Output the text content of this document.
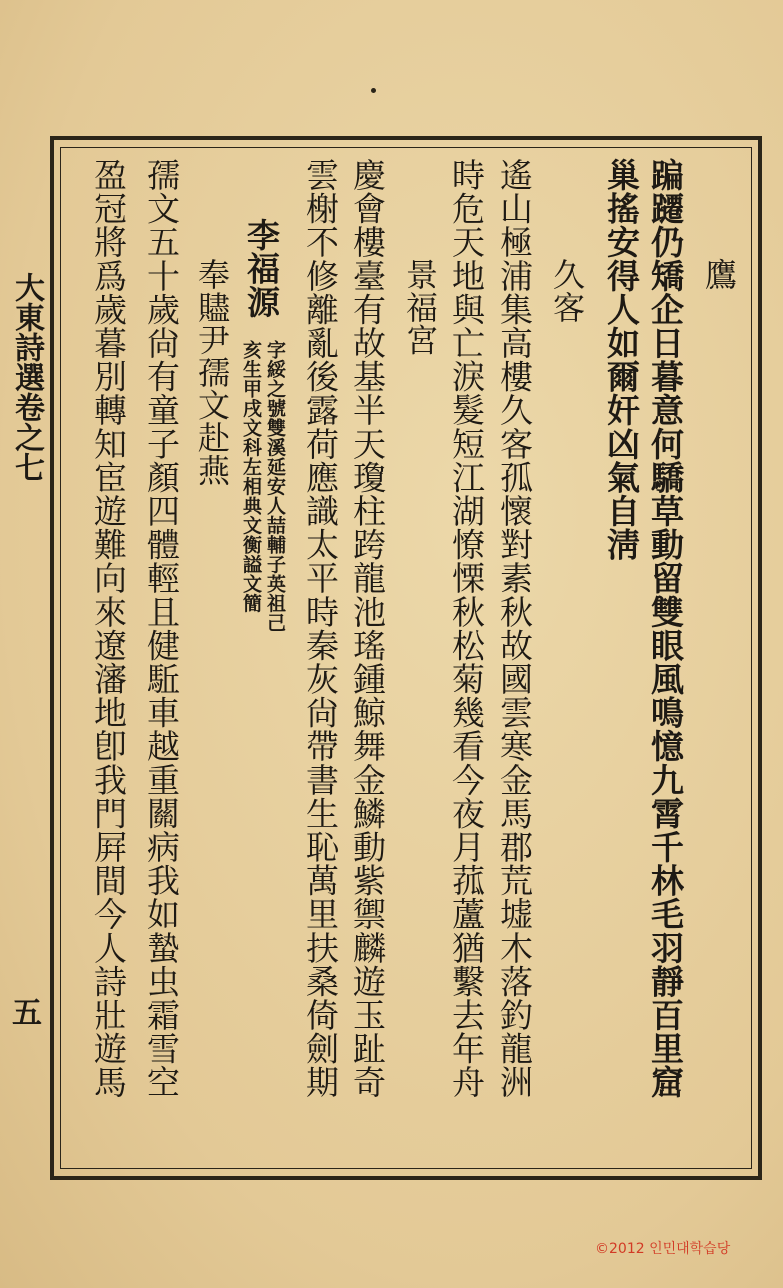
大東詩選卷之七
五
鷹
蹁躚仍矯企日暮意何驕草動留雙眼風鳴憶九霄千林毛羽靜百里窟
巢搖安得人如爾奸凶氣自淸
久客
遙山極浦集高樓久客孤懷對素秋故國雲寒金馬郡荒墟木落釣龍洲
時危天地與亡淚髮短江湖憭慄秋松菊幾看今夜月菰蘆猶繫去年舟
景福宮
慶會樓臺有故基半天瓊柱跨龍池瑤鍾鯨舞金鱗動紫禦麟遊玉趾奇
雲榭不修離亂後露荷應識太平時秦灰尙帶書生恥萬里扶桑倚劍期
李福源
字綏之號雙溪延安人喆輔子英祖己
亥生甲戌文科左相典文衡謚文簡
奉贐尹孺文赴燕
孺文五十歲尙有童子顏四體輕且健駈車越重關病我如蟄虫霜雪空
盈冠將爲歲暮別轉知宦遊難向來遼瀋地卽我門屛間今人詩壯遊馬
©2012 인민대학습당
